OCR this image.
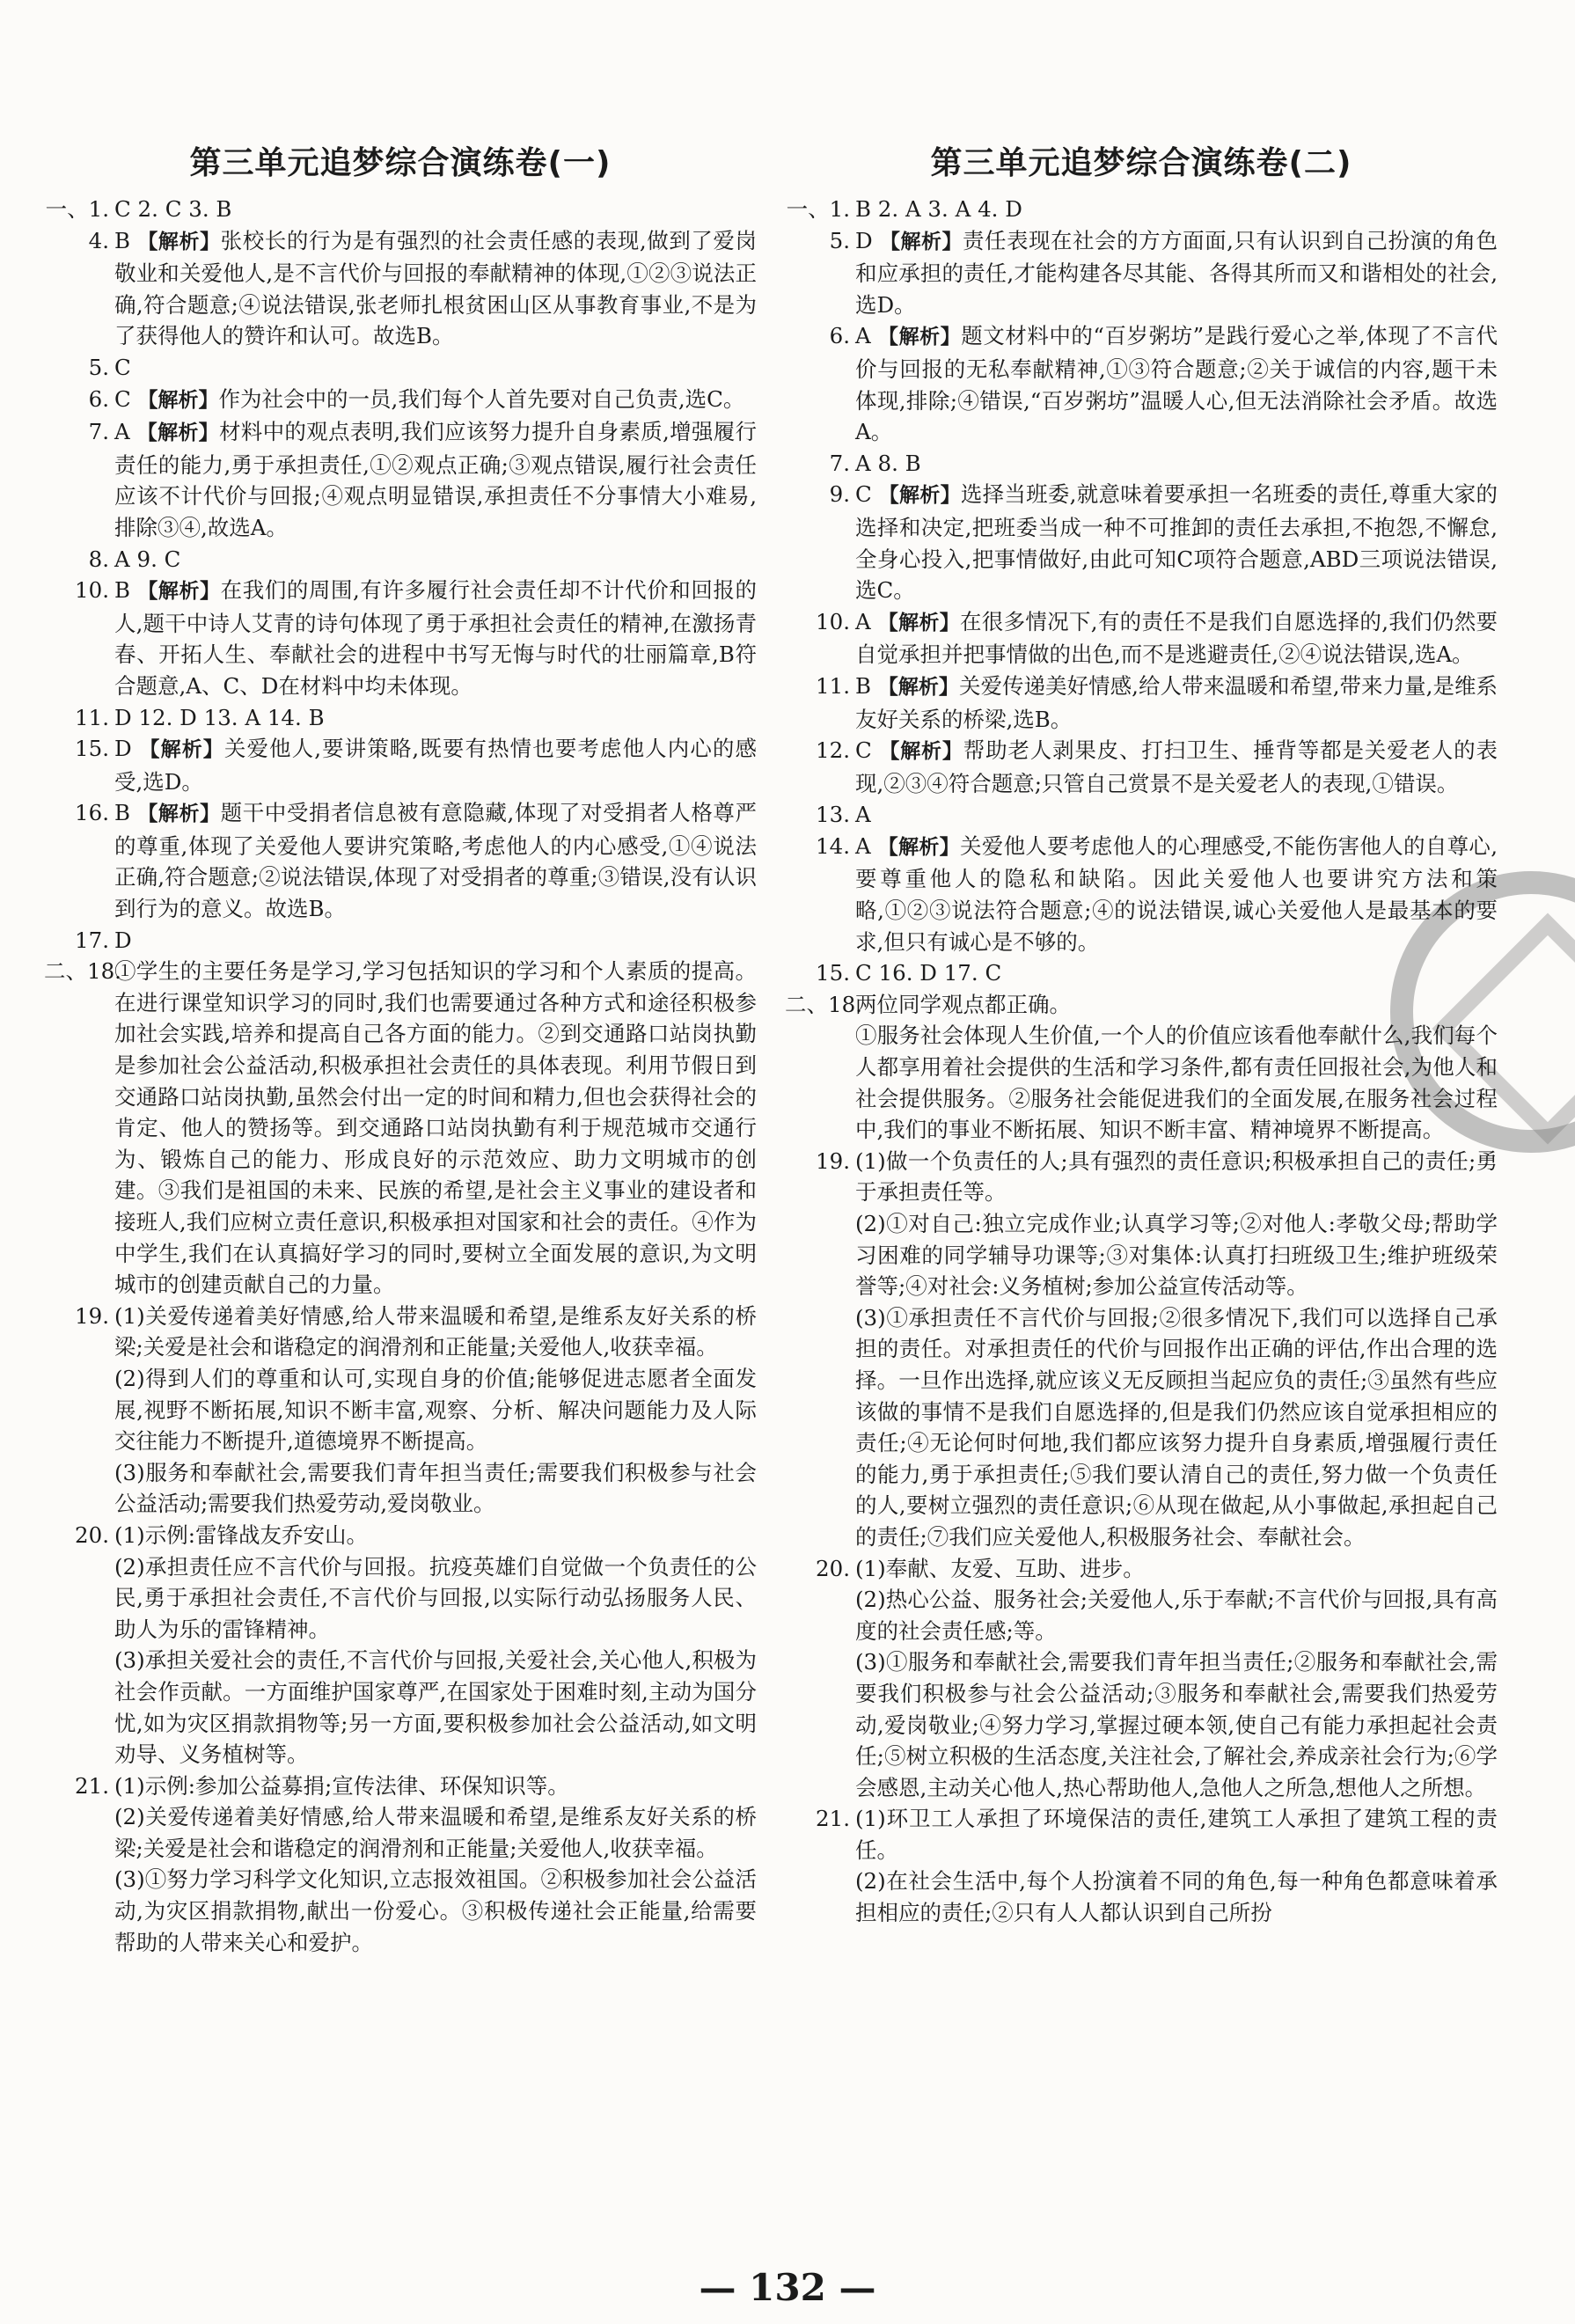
第三单元追梦综合演练卷(一)
一、1. C 2. C 3. B
4. B 【解析】张校长的行为是有强烈的社会责任感的表现,做到了爱岗敬业和关爱他人,是不言代价与回报的奉献精神的体现,①②③说法正确,符合题意;④说法错误,张老师扎根贫困山区从事教育事业,不是为了获得他人的赞许和认可。故选B。
5. C
6. C 【解析】作为社会中的一员,我们每个人首先要对自己负责,选C。
7. A 【解析】材料中的观点表明,我们应该努力提升自身素质,增强履行责任的能力,勇于承担责任,①②观点正确;③观点错误,履行社会责任应该不计代价与回报;④观点明显错误,承担责任不分事情大小难易,排除③④,故选A。
8. A 9. C
10. B 【解析】在我们的周围,有许多履行社会责任却不计代价和回报的人,题干中诗人艾青的诗句体现了勇于承担社会责任的精神,在激扬青春、开拓人生、奉献社会的进程中书写无悔与时代的壮丽篇章,B符合题意,A、C、D在材料中均未体现。
11. D 12. D 13. A 14. B
15. D 【解析】关爱他人,要讲策略,既要有热情也要考虑他人内心的感受,选D。
16. B 【解析】题干中受捐者信息被有意隐藏,体现了对受捐者人格尊严的尊重,体现了关爱他人要讲究策略,考虑他人的内心感受,①④说法正确,符合题意;②说法错误,体现了对受捐者的尊重;③错误,没有认识到行为的意义。故选B。
17. D
二、18.
①学生的主要任务是学习,学习包括知识的学习和个人素质的提高。在进行课堂知识学习的同时,我们也需要通过各种方式和途径积极参加社会实践,培养和提高自己各方面的能力。②到交通路口站岗执勤是参加社会公益活动,积极承担社会责任的具体表现。利用节假日到交通路口站岗执勤,虽然会付出一定的时间和精力,但也会获得社会的肯定、他人的赞扬等。到交通路口站岗执勤有利于规范城市交通行为、锻炼自己的能力、形成良好的示范效应、助力文明城市的创建。③我们是祖国的未来、民族的希望,是社会主义事业的建设者和接班人,我们应树立责任意识,积极承担对国家和社会的责任。④作为中学生,我们在认真搞好学习的同时,要树立全面发展的意识,为文明城市的创建贡献自己的力量。
19. (1)关爱传递着美好情感,给人带来温暖和希望,是维系友好关系的桥梁;关爱是社会和谐稳定的润滑剂和正能量;关爱他人,收获幸福。
(2)得到人们的尊重和认可,实现自身的价值;能够促进志愿者全面发展,视野不断拓展,知识不断丰富,观察、分析、解决问题能力及人际交往能力不断提升,道德境界不断提高。
(3)服务和奉献社会,需要我们青年担当责任;需要我们积极参与社会公益活动;需要我们热爱劳动,爱岗敬业。
20. (1)示例:雷锋战友乔安山。
(2)承担责任应不言代价与回报。抗疫英雄们自觉做一个负责任的公民,勇于承担社会责任,不言代价与回报,以实际行动弘扬服务人民、助人为乐的雷锋精神。
(3)承担关爱社会的责任,不言代价与回报,关爱社会,关心他人,积极为社会作贡献。一方面维护国家尊严,在国家处于困难时刻,主动为国分忧,如为灾区捐款捐物等;另一方面,要积极参加社会公益活动,如文明劝导、义务植树等。
21. (1)示例:参加公益募捐;宣传法律、环保知识等。
(2)关爱传递着美好情感,给人带来温暖和希望,是维系友好关系的桥梁;关爱是社会和谐稳定的润滑剂和正能量;关爱他人,收获幸福。
(3)①努力学习科学文化知识,立志报效祖国。②积极参加社会公益活动,为灾区捐款捐物,献出一份爱心。③积极传递社会正能量,给需要帮助的人带来关心和爱护。
第三单元追梦综合演练卷(二)
一、1. B 2. A 3. A 4. D
5. D 【解析】责任表现在社会的方方面面,只有认识到自己扮演的角色和应承担的责任,才能构建各尽其能、各得其所而又和谐相处的社会,选D。
6. A 【解析】题文材料中的“百岁粥坊”是践行爱心之举,体现了不言代价与回报的无私奉献精神,①③符合题意;②关于诚信的内容,题干未体现,排除;④错误,“百岁粥坊”温暖人心,但无法消除社会矛盾。故选A。
7. A 8. B
9. C 【解析】选择当班委,就意味着要承担一名班委的责任,尊重大家的选择和决定,把班委当成一种不可推卸的责任去承担,不抱怨,不懈怠,全身心投入,把事情做好,由此可知C项符合题意,ABD三项说法错误,选C。
10. A 【解析】在很多情况下,有的责任不是我们自愿选择的,我们仍然要自觉承担并把事情做的出色,而不是逃避责任,②④说法错误,选A。
11. B 【解析】关爱传递美好情感,给人带来温暖和希望,带来力量,是维系友好关系的桥梁,选B。
12. C 【解析】帮助老人剥果皮、打扫卫生、捶背等都是关爱老人的表现,②③④符合题意;只管自己赏景不是关爱老人的表现,①错误。
13. A
14. A 【解析】关爱他人要考虑他人的心理感受,不能伤害他人的自尊心,要尊重他人的隐私和缺陷。因此关爱他人也要讲究方法和策略,①②③说法符合题意;④的说法错误,诚心关爱他人是最基本的要求,但只有诚心是不够的。
15. C 16. D 17. C
二、18.
两位同学观点都正确。
①服务社会体现人生价值,一个人的价值应该看他奉献什么,我们每个人都享用着社会提供的生活和学习条件,都有责任回报社会,为他人和社会提供服务。②服务社会能促进我们的全面发展,在服务社会过程中,我们的事业不断拓展、知识不断丰富、精神境界不断提高。
19. (1)做一个负责任的人;具有强烈的责任意识;积极承担自己的责任;勇于承担责任等。
(2)①对自己:独立完成作业;认真学习等;②对他人:孝敬父母;帮助学习困难的同学辅导功课等;③对集体:认真打扫班级卫生;维护班级荣誉等;④对社会:义务植树;参加公益宣传活动等。
(3)①承担责任不言代价与回报;②很多情况下,我们可以选择自己承担的责任。对承担责任的代价与回报作出正确的评估,作出合理的选择。一旦作出选择,就应该义无反顾担当起应负的责任;③虽然有些应该做的事情不是我们自愿选择的,但是我们仍然应该自觉承担相应的责任;④无论何时何地,我们都应该努力提升自身素质,增强履行责任的能力,勇于承担责任;⑤我们要认清自己的责任,努力做一个负责任的人,要树立强烈的责任意识;⑥从现在做起,从小事做起,承担起自己的责任;⑦我们应关爱他人,积极服务社会、奉献社会。
20. (1)奉献、友爱、互助、进步。
(2)热心公益、服务社会;关爱他人,乐于奉献;不言代价与回报,具有高度的社会责任感;等。
(3)①服务和奉献社会,需要我们青年担当责任;②服务和奉献社会,需要我们积极参与社会公益活动;③服务和奉献社会,需要我们热爱劳动,爱岗敬业;④努力学习,掌握过硬本领,使自己有能力承担起社会责任;⑤树立积极的生活态度,关注社会,了解社会,养成亲社会行为;⑥学会感恩,主动关心他人,热心帮助他人,急他人之所急,想他人之所想。
21. (1)环卫工人承担了环境保洁的责任,建筑工人承担了建筑工程的责任。
(2)在社会生活中,每个人扮演着不同的角色,每一种角色都意味着承担相应的责任;②只有人人都认识到自己所扮
— 132 —
